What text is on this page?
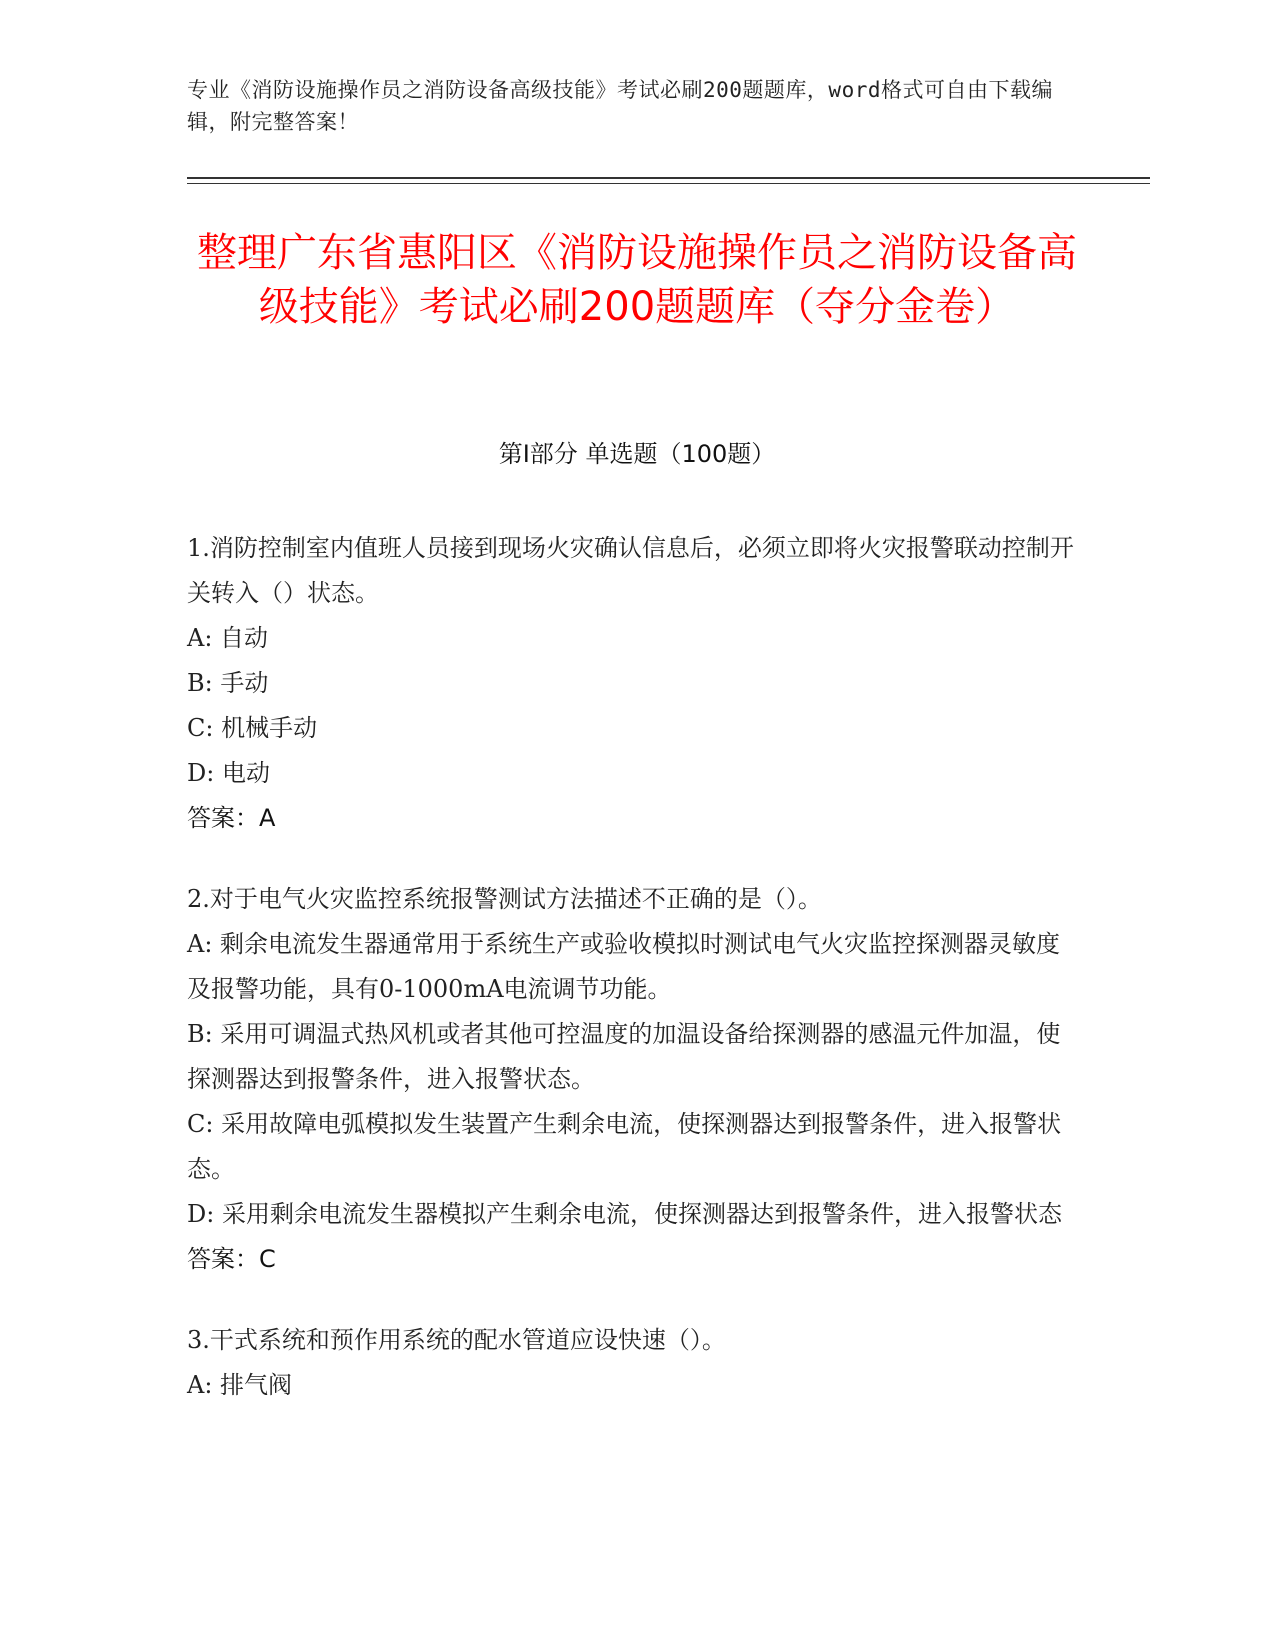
专业《消防设施操作员之消防设备高级技能》考试必刷200题题库，word格式可自由下载编辑，附完整答案！
整理广东省惠阳区《消防设施操作员之消防设备高级技能》考试必刷200题题库（夺分金卷）
第I部分 单选题（100题）

1.消防控制室内值班人员接到现场火灾确认信息后，必须立即将火灾报警联动控制开关转入（）状态。

A: 自动

B: 手动

C: 机械手动

D: 电动

答案：A

2.对于电气火灾监控系统报警测试方法描述不正确的是（）。

A: 剩余电流发生器通常用于系统生产或验收模拟时测试电气火灾监控探测器灵敏度及报警功能，具有0-1000mA电流调节功能。

B: 采用可调温式热风机或者其他可控温度的加温设备给探测器的感温元件加温，使探测器达到报警条件，进入报警状态。

C: 采用故障电弧模拟发生装置产生剩余电流，使探测器达到报警条件，进入报警状态。

D: 采用剩余电流发生器模拟产生剩余电流，使探测器达到报警条件，进入报警状态

答案：C

3.干式系统和预作用系统的配水管道应设快速（）。

A: 排气阀
